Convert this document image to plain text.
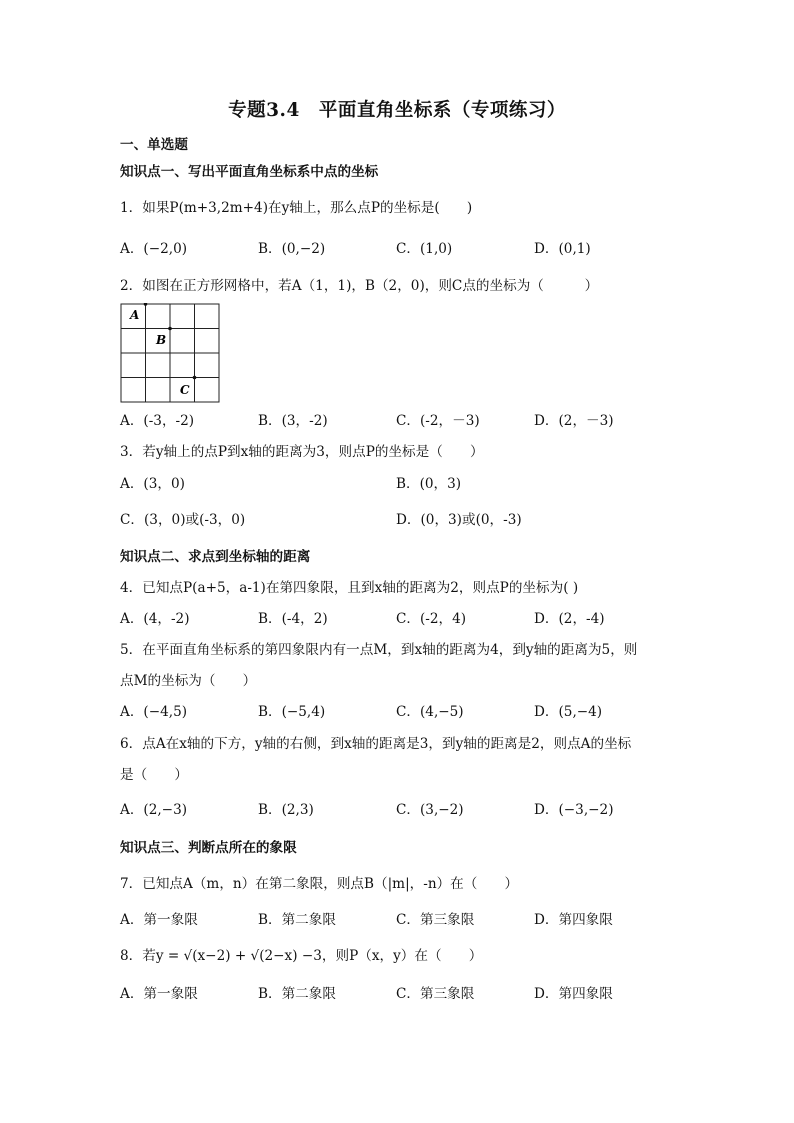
专题3.4　平面直角坐标系（专项练习）
一、单选题
知识点一、写出平面直角坐标系中点的坐标
1．如果P(m+3,2m+4)在y轴上，那么点P的坐标是(　　)
A．(−2,0)	B．(0,−2)	C．(1,0)	D．(0,1)
2．如图在正方形网格中，若A（1，1)，B（2，0)，则C点的坐标为（　　　）
A
B
C
A．(-3，-2)	B．(3，-2)	C．(-2，－3)	D．(2，－3)
3．若y轴上的点P到x轴的距离为3，则点P的坐标是（　　）
A．(3，0)	B．(0，3)
C．(3，0)或(-3，0)	D．(0，3)或(0，-3)
知识点二、求点到坐标轴的距离
4．已知点P(a+5，a-1)在第四象限，且到x轴的距离为2，则点P的坐标为( )
A．(4，-2)	B．(-4，2)	C．(-2，4)	D．(2，-4)
5．在平面直角坐标系的第四象限内有一点M，到x轴的距离为4，到y轴的距离为5，则
点M的坐标为（　　）
A．(−4,5)	B．(−5,4)	C．(4,−5)	D．(5,−4)
6．点A在x轴的下方，y轴的右侧，到x轴的距离是3，到y轴的距离是2，则点A的坐标
是（　　）
A．(2,−3)	B．(2,3)	C．(3,−2)	D．(−3,−2)
知识点三、判断点所在的象限
7．已知点A（m，n）在第二象限，则点B（|m|，-n）在（　　）
A．第一象限	B．第二象限	C．第三象限	D．第四象限
8．若y = √(x−2) + √(2−x) −3，则P（x，y）在（　　）
A．第一象限	B．第二象限	C．第三象限	D．第四象限
